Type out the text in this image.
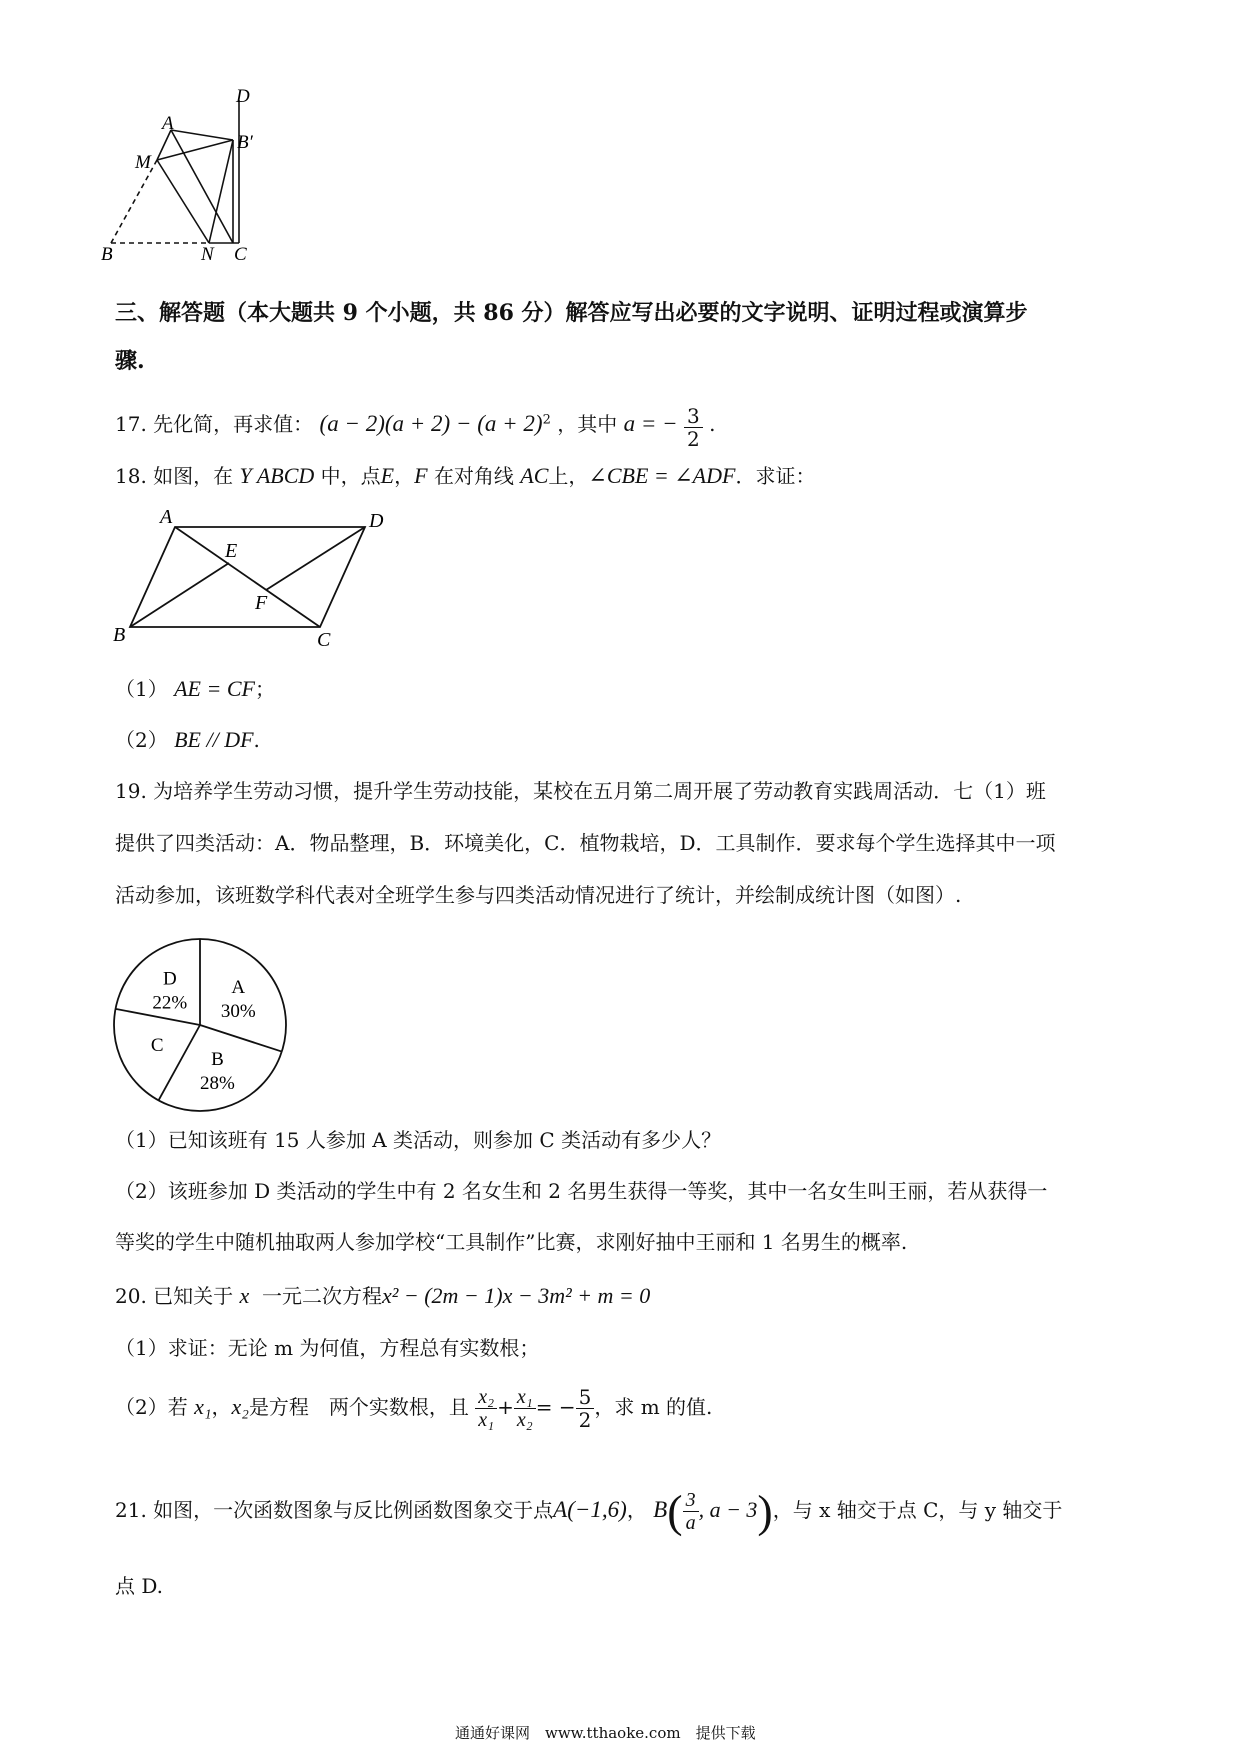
D
A
B′
M
B	N C
三、解答题（本大题共 9 个小题，共 86 分）解答应写出必要的文字说明、证明过程或演算步
骤.
17. 先化简，再求值： $(a - 2)(a + 2) - (a + 2)^2$ ，其中 a = − $\frac{3}{2}$ .
18. 如图，在 Y ABCD 中，点E，F 在对角线 AC上，∠CBE = ∠ADF．求证：
A	D
E
F
B	C
（1） AE = CF；
（2） BE // DF.
19. 为培养学生劳动习惯，提升学生劳动技能，某校在五月第二周开展了劳动教育实践周活动．七（1）班
提供了四类活动：A．物品整理，B．环境美化，C．植物栽培，D．工具制作．要求每个学生选择其中一项
活动参加，该班数学科代表对全班学生参与四类活动情况进行了统计，并绘制成统计图（如图）.
A
30%
B
28%
C
D
22%
（1）已知该班有 15 人参加 A 类活动，则参加 C 类活动有多少人？
（2）该班参加 D 类活动的学生中有 2 名女生和 2 名男生获得一等奖，其中一名女生叫王丽，若从获得一
等奖的学生中随机抽取两人参加学校“工具制作”比赛，求刚好抽中王丽和 1 名男生的概率.
20. 已知关于 x 一元二次方程x² − (2m − 1)x − 3m² + m = 0
（1）求证：无论 m 为何值，方程总有实数根；
（2）若 x₁，x₂是方程　两个实数根，且 $\frac{\text{x₂}}{\text{x₁}} + \frac{\text{x₁}}{\text{x₂}}$ = − $\frac{5}{2}$ ，求 m 的值.
21. 如图，一次函数图象与反比例函数图象交于点A(−1,6)， $B( \frac{3}{a}$ , a − 3)，与 x 轴交于点 C，与 y 轴交于
点 D.
通通好课网　www.tthaoke.com　提供下载
